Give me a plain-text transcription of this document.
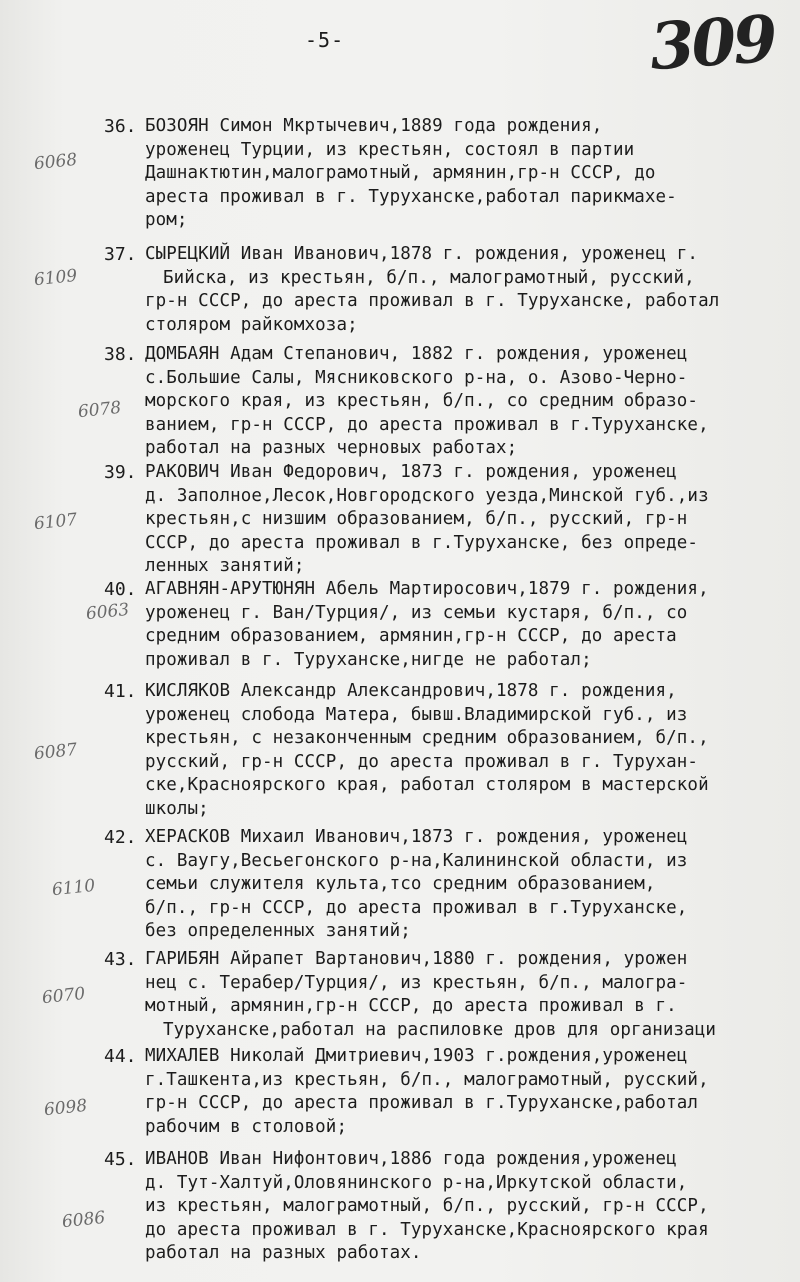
-5-	309
36. БОЗОЯН Симон Мкртычевич,1889 года рождения,
уроженец Турции, из крестьян, состоял в партии
Дашнактютин,малограмотный, армянин,гр-н СССР, до
ареста проживал в г. Туруханске,работал парикмахе-
ром;
6068
37. СЫРЕЦКИЙ Иван Иванович,1878 г. рождения, уроженец г.
Бийска, из крестьян, б/п., малограмотный, русский,
гр-н СССР, до ареста проживал в г. Туруханске, работал
столяром райкомхоза;
6109
38. ДОМБАЯН Адам Степанович, 1882 г. рождения, уроженец
с.Большие Салы, Мясниковского р-на, о. Азово-Черно-
морского края, из крестьян, б/п., со средним образо-
ванием, гр-н СССР, до ареста проживал в г.Туруханске,
работал на разных черновых работах;
6078
39. РАКОВИЧ Иван Федорович, 1873 г. рождения, уроженец
д. Заполное,Лесок,Новгородского уезда,Минской губ.,из
крестьян,с низшим образованием, б/п., русский, гр-н
СССР, до ареста проживал в г.Туруханске, без опреде-
ленных занятий;
6107
40. АГАВНЯН-АРУТЮНЯН Абель Мартиросович,1879 г. рождения,
уроженец г. Ван/Турция/, из семьи кустаря, б/п., со
средним образованием, армянин,гр-н СССР, до ареста
проживал в г. Туруханске,нигде не работал;
6063
41. КИСЛЯКОВ Александр Александрович,1878 г. рождения,
уроженец слобода Матера, бывш.Владимирской губ., из
крестьян, с незаконченным средним образованием, б/п.,
русский, гр-н СССР, до ареста проживал в г. Туруxан-
ске,Красноярского края, работал столяром в мастерской
школы;
6087
42. ХЕРАСКОВ Михаил Иванович,1873 г. рождения, уроженец
с. Ваугу,Весьегонского р-на,Калининской области, из
семьи служителя культа,тсо средним образованием,
б/п., гр-н СССР, до ареста проживал в г.Туруханске,
без определенных занятий;
6110
43. ГАРИБЯН Айрапет Вартанович,1880 г. рождения, урожен
нец с. Терабер/Турция/, из крестьян, б/п., малогра-
мотный, армянин,гр-н СССР, до ареста проживал в г.
Туруханске,работал на распиловке дров для организаци
6070
44. МИХАЛЕВ Николай Дмитриевич,1903 г.рождения,уроженец
г.Ташкента,из крестьян, б/п., малограмотный, русский,
гр-н СССР, до ареста проживал в г.Туруханске,работал
рабочим в столовой;
6098
45. ИВАНОВ Иван Нифонтович,1886 года рождения,уроженец
д. Тут-Халтуй,Оловянинского р-на,Иркутской области,
из крестьян, малограмотный, б/п., русский, гр-н СССР,
до ареста проживал в г. Туруханске,Красноярского края
работал на разных работах.
6086
